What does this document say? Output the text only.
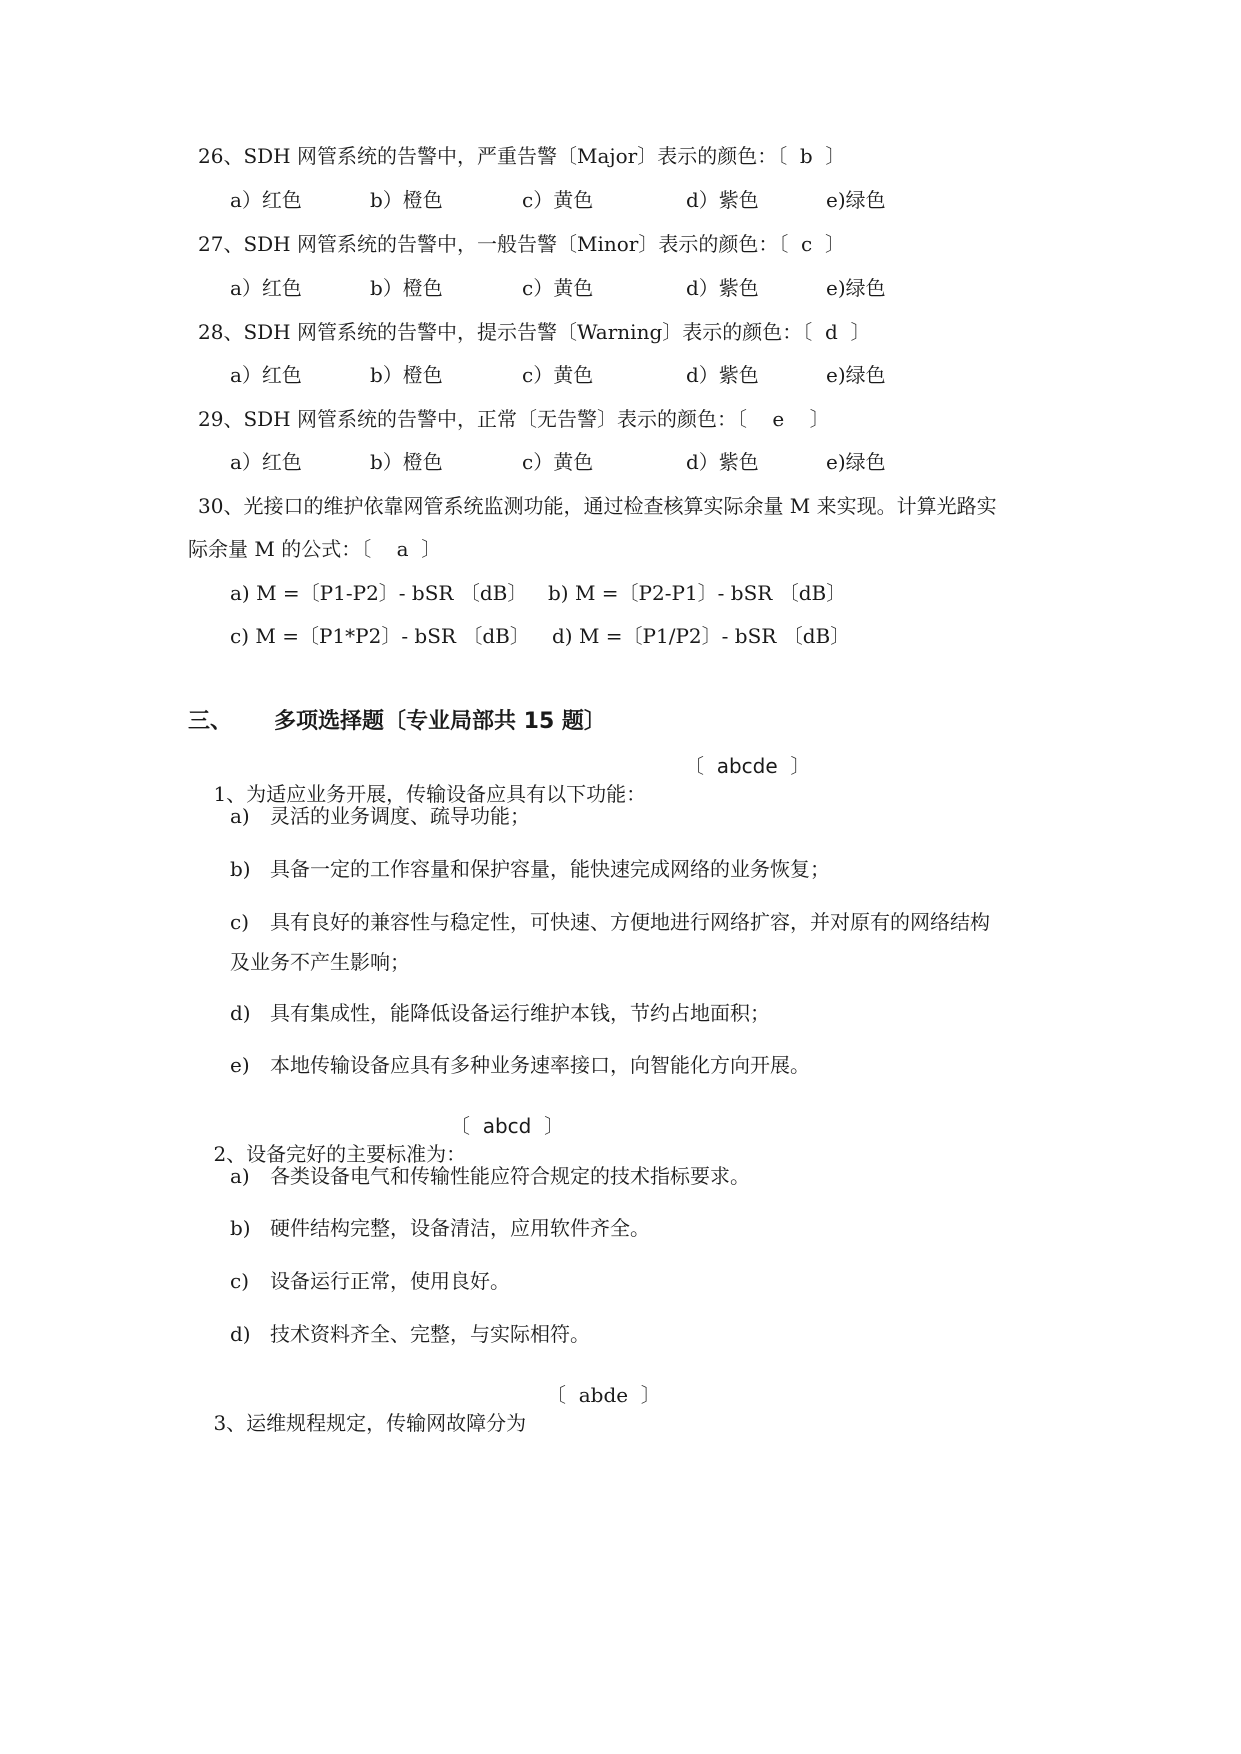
26、SDH 网管系统的告警中，严重告警〔Major〕表示的颜色：〔  b  〕

a）红色

	b）橙色

	c）黄色

	d）紫色

	e)绿色

27、SDH 网管系统的告警中，一般告警〔Minor〕表示的颜色：〔  c  〕

a）红色

	b）橙色

	c）黄色

	d）紫色

	e)绿色

28、SDH 网管系统的告警中，提示告警〔Warning〕表示的颜色：〔  d  〕

a）红色

	b）橙色

	c）黄色

	d）紫色

	e)绿色

29、SDH 网管系统的告警中，正常〔无告警〕表示的颜色：〔    e    〕

a）红色

	b）橙色

	c）黄色

	d）紫色

	e)绿色

30、光接口的维护依靠网管系统监测功能，通过检查核算实际余量 M 来实现。计算光路实
际余量 M 的公式：〔    a  〕

a) M =〔P1-P2〕- bSR 〔dB〕

b) M =〔P2-P1〕- bSR 〔dB〕

c) M =〔P1*P2〕- bSR 〔dB〕

d) M =〔P1/P2〕- bSR 〔dB〕

三、

多项选择题〔专业局部共 15 题〕

1、为适应业务开展，传输设备应具有以下功能：
〔  abcde  〕

a) 灵活的业务调度、疏导功能；

b) 具备一定的工作容量和保护容量，能快速完成网络的业务恢复；

c) 具有良好的兼容性与稳定性，可快速、方便地进行网络扩容，并对原有的网络结构

及业务不产生影响；

d) 具有集成性，能降低设备运行维护本钱，节约占地面积；

e) 本地传输设备应具有多种业务速率接口，向智能化方向开展。

2、设备完好的主要标准为：
〔  abcd  〕

a) 各类设备电气和传输性能应符合规定的技术指标要求。

b) 硬件结构完整，设备清洁，应用软件齐全。

c) 设备运行正常，使用良好。

d) 技术资料齐全、完整，与实际相符。

3、运维规程规定，传输网故障分为
〔  abde  〕
